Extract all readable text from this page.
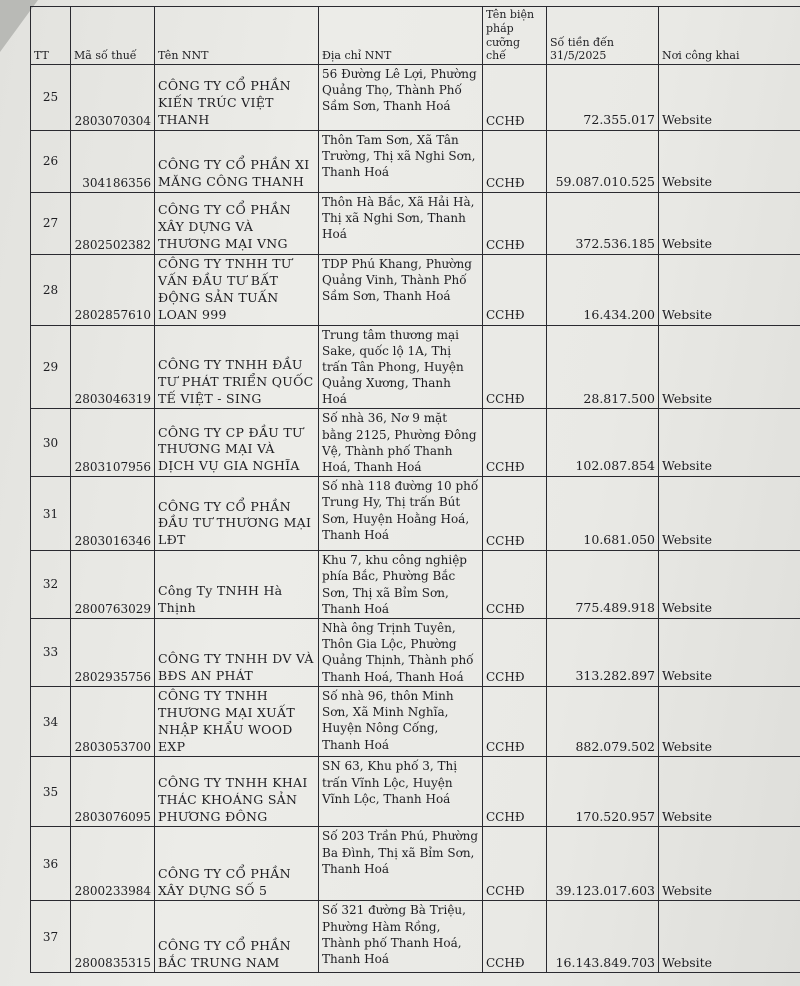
TT	Mã số thuế	Tên NNT	Địa chỉ NNT	Tên biện pháp cưỡng chế	Số tiền đến 31/5/2025	Nơi công khai
25	2803070304	CÔNG TY CỔ PHẦN KIẾN TRÚC VIỆT THANH	56 Đường Lê Lợi, Phường Quảng Thọ, Thành Phố Sầm Sơn, Thanh Hoá	CCHĐ	72.355.017	Website
26	304186356	CÔNG TY CỔ PHẦN XI MĂNG CÔNG THANH	Thôn Tam Sơn, Xã Tân Trường, Thị xã Nghi Sơn, Thanh Hoá	CCHĐ	59.087.010.525	Website
27	2802502382	CÔNG TY CỔ PHẦN XÂY DỰNG VÀ THƯƠNG MẠI VNG	Thôn Hà Bắc, Xã Hải Hà, Thị xã Nghi Sơn, Thanh Hoá	CCHĐ	372.536.185	Website
28	2802857610	CÔNG TY TNHH TƯ VẤN ĐẦU TƯ BẤT ĐỘNG SẢN TUẤN LOAN 999	TDP Phú Khang, Phường Quảng Vinh, Thành Phố Sầm Sơn, Thanh Hoá	CCHĐ	16.434.200	Website
29	2803046319	CÔNG TY TNHH ĐẦU TƯ PHÁT TRIỂN QUỐC TẾ VIỆT - SING	Trung tâm thương mại Sake, quốc lộ 1A, Thị trấn Tân Phong, Huyện Quảng Xương, Thanh Hoá	CCHĐ	28.817.500	Website
30	2803107956	CÔNG TY CP ĐẦU TƯ THƯƠNG MẠI VÀ DỊCH VỤ GIA NGHĨA	Số nhà 36, Nơ 9 mặt bằng 2125, Phường Đông Vệ, Thành phố Thanh Hoá, Thanh Hoá	CCHĐ	102.087.854	Website
31	2803016346	CÔNG TY CỔ PHẦN ĐẦU TƯ THƯƠNG MẠI LĐT	Số nhà 118 đường 10 phố Trung Hy, Thị trấn Bút Sơn, Huyện Hoằng Hoá, Thanh Hoá	CCHĐ	10.681.050	Website
32	2800763029	Công Ty TNHH Hà Thịnh	Khu 7, khu công nghiệp phía Bắc, Phường Bắc Sơn, Thị xã Bỉm Sơn, Thanh Hoá	CCHĐ	775.489.918	Website
33	2802935756	CÔNG TY TNHH DV VÀ BĐS AN PHÁT	Nhà ông Trịnh Tuyên, Thôn Gia Lộc, Phường Quảng Thịnh, Thành phố Thanh Hoá, Thanh Hoá	CCHĐ	313.282.897	Website
34	2803053700	CÔNG TY TNHH THƯƠNG MẠI XUẤT NHẬP KHẨU WOOD EXP	Số nhà 96, thôn Minh Sơn, Xã Minh Nghĩa, Huyện Nông Cống, Thanh Hoá	CCHĐ	882.079.502	Website
35	2803076095	CÔNG TY TNHH KHAI THÁC KHOÁNG SẢN PHƯƠNG ĐÔNG	SN 63, Khu phố 3, Thị trấn Vĩnh Lộc, Huyện Vĩnh Lộc, Thanh Hoá	CCHĐ	170.520.957	Website
36	2800233984	CÔNG TY CỔ PHẦN XÂY DỰNG SỐ 5	Số 203 Trần Phú, Phường Ba Đình, Thị xã Bỉm Sơn, Thanh Hoá	CCHĐ	39.123.017.603	Website
37	2800835315	CÔNG TY CỔ PHẦN BẮC TRUNG NAM	Số 321 đường Bà Triệu, Phường Hàm Rồng, Thành phố Thanh Hoá, Thanh Hoá	CCHĐ	16.143.849.703	Website
